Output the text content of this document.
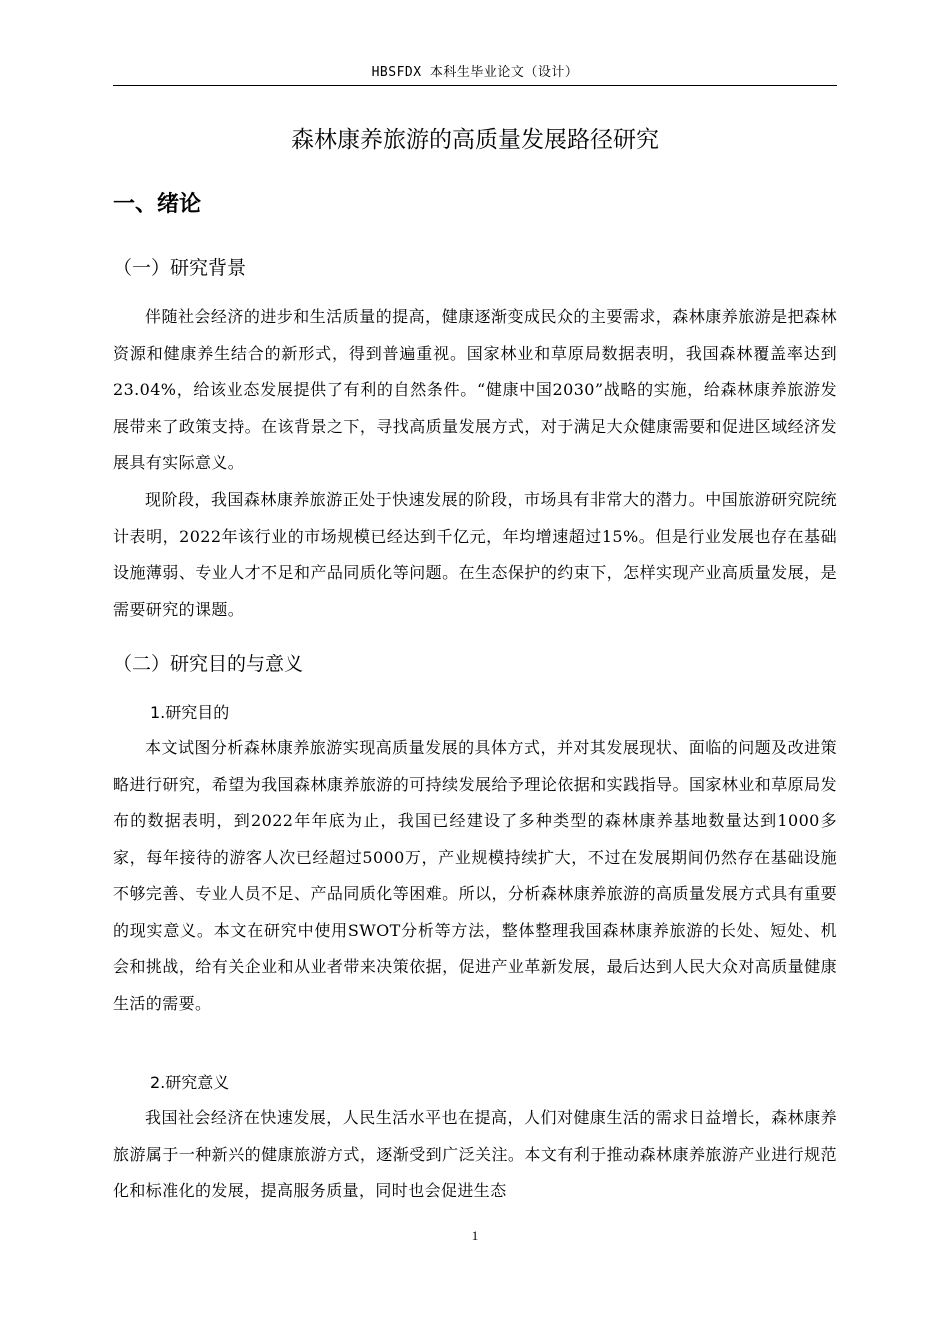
HBSFDX 本科生毕业论文（设计）
森林康养旅游的高质量发展路径研究
一、绪论
（一）研究背景

伴随社会经济的进步和生活质量的提高，健康逐渐变成民众的主要需求，森林康养旅游是把森林资源和健康养生结合的新形式，得到普遍重视。国家林业和草原局数据表明，我国森林覆盖率达到23.04%，给该业态发展提供了有利的自然条件。“健康中国2030”战略的实施，给森林康养旅游发展带来了政策支持。在该背景之下，寻找高质量发展方式，对于满足大众健康需要和促进区域经济发展具有实际意义。

现阶段，我国森林康养旅游正处于快速发展的阶段，市场具有非常大的潜力。中国旅游研究院统计表明，2022年该行业的市场规模已经达到千亿元，年均增速超过15%。但是行业发展也存在基础设施薄弱、专业人才不足和产品同质化等问题。在生态保护的约束下，怎样实现产业高质量发展，是需要研究的课题。

（二）研究目的与意义
1.研究目的

本文试图分析森林康养旅游实现高质量发展的具体方式，并对其发展现状、面临的问题及改进策略进行研究，希望为我国森林康养旅游的可持续发展给予理论依据和实践指导。国家林业和草原局发布的数据表明，到2022年年底为止，我国已经建设了多种类型的森林康养基地数量达到1000多家，每年接待的游客人次已经超过5000万，产业规模持续扩大，不过在发展期间仍然存在基础设施不够完善、专业人员不足、产品同质化等困难。所以，分析森林康养旅游的高质量发展方式具有重要的现实意义。本文在研究中使用SWOT分析等方法，整体整理我国森林康养旅游的长处、短处、机会和挑战，给有关企业和从业者带来决策依据，促进产业革新发展，最后达到人民大众对高质量健康生活的需要。

2.研究意义

我国社会经济在快速发展，人民生活水平也在提高，人们对健康生活的需求日益增长，森林康养旅游属于一种新兴的健康旅游方式，逐渐受到广泛关注。本文有利于推动森林康养旅游产业进行规范化和标准化的发展，提高服务质量，同时也会促进生态

1
